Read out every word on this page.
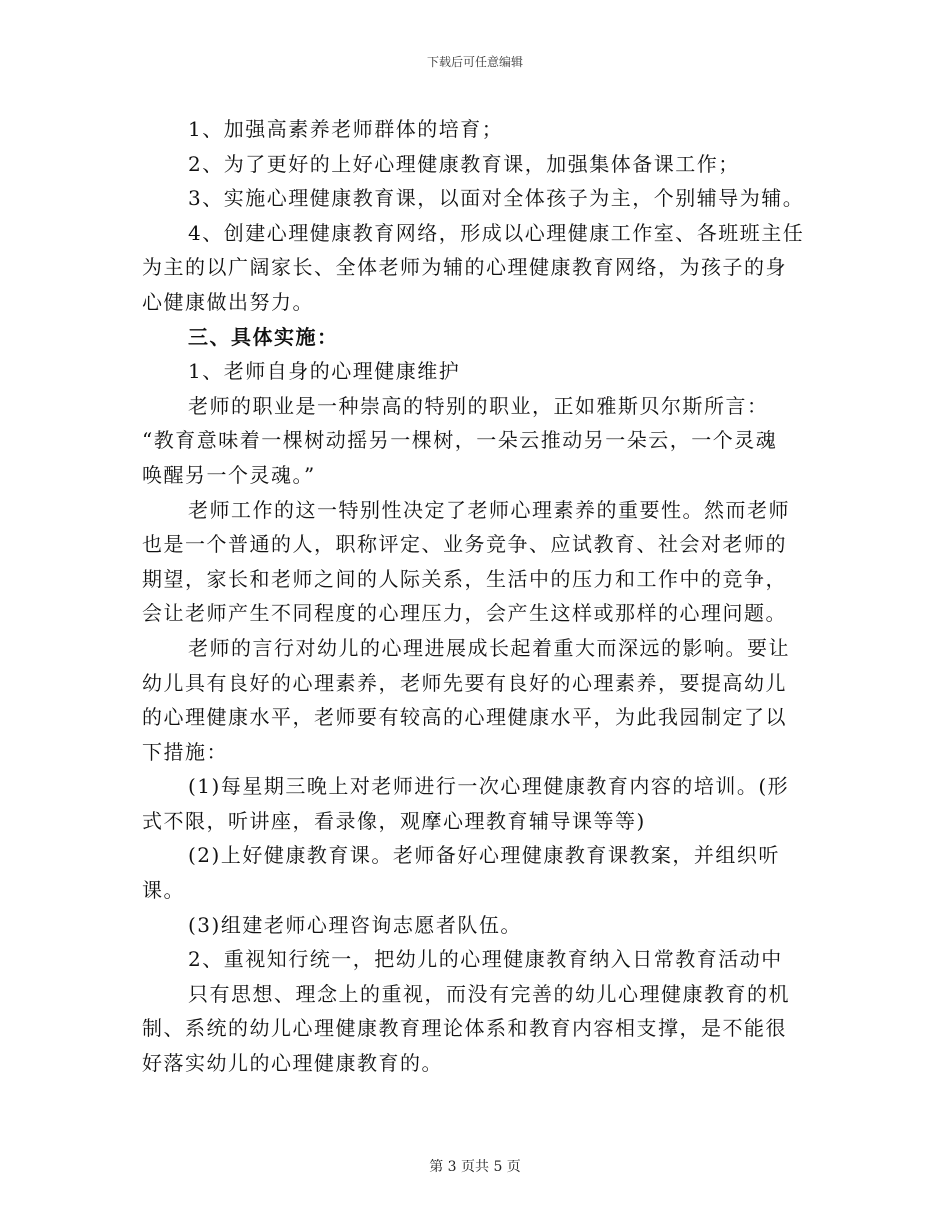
下载后可任意编辑

1、加强高素养老师群体的培育；

2、为了更好的上好心理健康教育课，加强集体备课工作；

3、实施心理健康教育课，以面对全体孩子为主，个别辅导为辅。

4、创建心理健康教育网络，形成以心理健康工作室、各班班主任
为主的以广阔家长、全体老师为辅的心理健康教育网络，为孩子的身
心健康做出努力。

三、具体实施：

1、老师自身的心理健康维护

老师的职业是一种崇高的特别的职业，正如雅斯贝尔斯所言：
“教育意味着一棵树动摇另一棵树，一朵云推动另一朵云，一个灵魂
唤醒另一个灵魂。”

老师工作的这一特别性决定了老师心理素养的重要性。然而老师
也是一个普通的人，职称评定、业务竞争、应试教育、社会对老师的
期望，家长和老师之间的人际关系，生活中的压力和工作中的竞争，
会让老师产生不同程度的心理压力，会产生这样或那样的心理问题。

老师的言行对幼儿的心理进展成长起着重大而深远的影响。要让
幼儿具有良好的心理素养，老师先要有良好的心理素养，要提高幼儿
的心理健康水平，老师要有较高的心理健康水平，为此我园制定了以
下措施：

(1)每星期三晚上对老师进行一次心理健康教育内容的培训。(形
式不限，听讲座，看录像，观摩心理教育辅导课等等)

(2)上好健康教育课。老师备好心理健康教育课教案，并组织听课。

(3)组建老师心理咨询志愿者队伍。

2、重视知行统一，把幼儿的心理健康教育纳入日常教育活动中

只有思想、理念上的重视，而没有完善的幼儿心理健康教育的机
制、系统的幼儿心理健康教育理论体系和教育内容相支撑，是不能很
好落实幼儿的心理健康教育的。

第 3 页共 5 页
